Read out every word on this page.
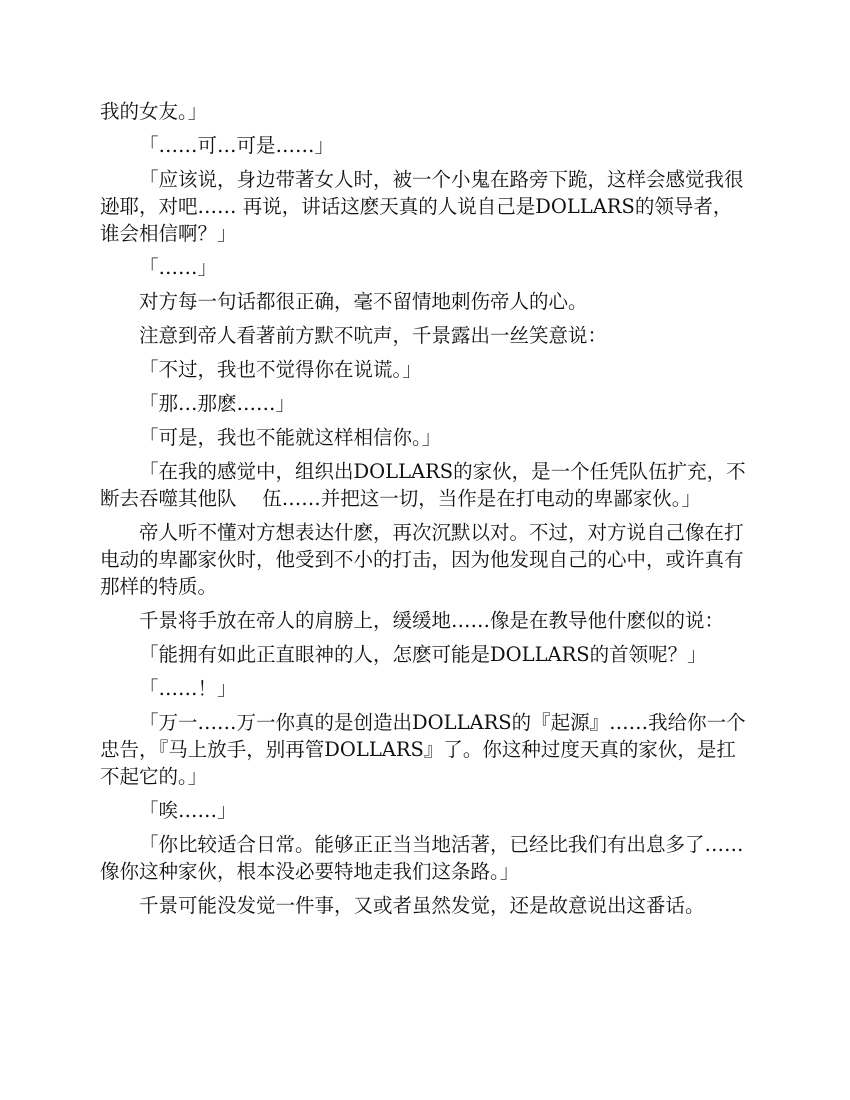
我的女友。」

「……可…可是……」

「应该说，身边带著女人时，被一个小鬼在路旁下跪，这样会感觉我很逊耶，对吧…… 再说，讲话这麽天真的人说自己是DOLLARS的领导者，谁会相信啊？」

「……」

对方每一句话都很正确，毫不留情地刺伤帝人的心。

注意到帝人看著前方默不吭声，千景露出一丝笑意说：

「不过，我也不觉得你在说谎。」

「那…那麽……」

「可是，我也不能就这样相信你。」

「在我的感觉中，组织出DOLLARS的家伙，是一个任凭队伍扩充，不断去吞噬其他队　 伍……并把这一切，当作是在打电动的卑鄙家伙。」

帝人听不懂对方想表达什麽，再次沉默以对。不过，对方说自己像在打电动的卑鄙家伙时，他受到不小的打击，因为他发现自己的心中，或许真有那样的特质。

千景将手放在帝人的肩膀上，缓缓地……像是在教导他什麽似的说：

「能拥有如此正直眼神的人，怎麽可能是DOLLARS的首领呢？」

「……！」

「万一……万一你真的是创造出DOLLARS的『起源』……我给你一个忠告，『马上放手，别再管DOLLARS』了。你这种过度天真的家伙，是扛不起它的。」

「唉……」

「你比较适合日常。能够正正当当地活著，已经比我们有出息多了……像你这种家伙，根本没必要特地走我们这条路。」

千景可能没发觉一件事，又或者虽然发觉，还是故意说出这番话。
